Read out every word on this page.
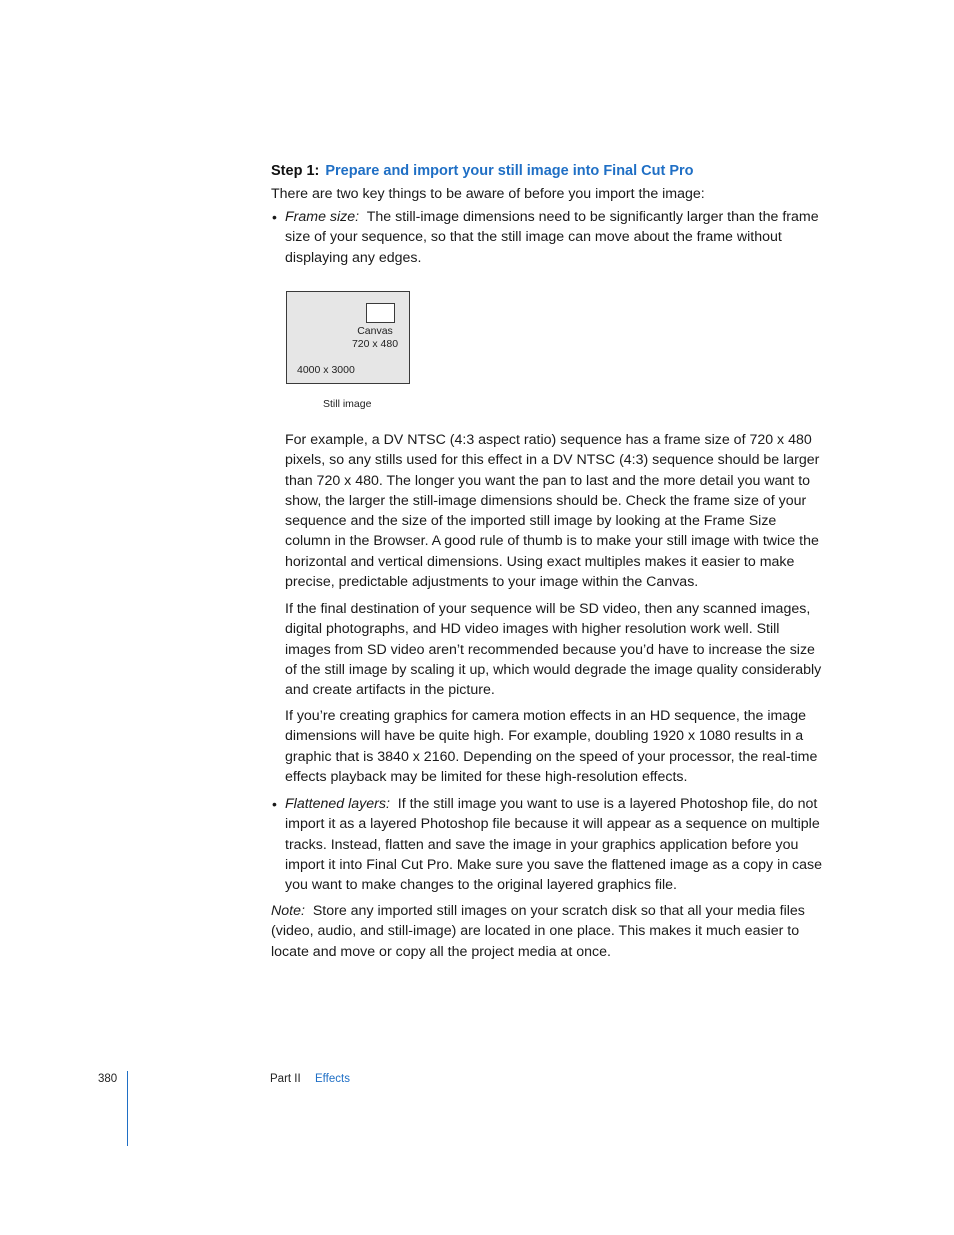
Step 1: Prepare and import your still image into Final Cut Pro

There are two key things to be aware of before you import the image:

• Frame size: The still-image dimensions need to be significantly larger than the frame size of your sequence, so that the still image can move about the frame without displaying any edges.

Canvas
720 x 480
4000 x 3000
Still image

For example, a DV NTSC (4:3 aspect ratio) sequence has a frame size of 720 x 480 pixels, so any stills used for this effect in a DV NTSC (4:3) sequence should be larger than 720 x 480. The longer you want the pan to last and the more detail you want to show, the larger the still-image dimensions should be. Check the frame size of your sequence and the size of the imported still image by looking at the Frame Size column in the Browser. A good rule of thumb is to make your still image with twice the horizontal and vertical dimensions. Using exact multiples makes it easier to make precise, predictable adjustments to your image within the Canvas.

If the final destination of your sequence will be SD video, then any scanned images, digital photographs, and HD video images with higher resolution work well. Still images from SD video aren’t recommended because you’d have to increase the size of the still image by scaling it up, which would degrade the image quality considerably and create artifacts in the picture.

If you’re creating graphics for camera motion effects in an HD sequence, the image dimensions will have be quite high. For example, doubling 1920 x 1080 results in a graphic that is 3840 x 2160. Depending on the speed of your processor, the real-time effects playback may be limited for these high-resolution effects.

• Flattened layers: If the still image you want to use is a layered Photoshop file, do not import it as a layered Photoshop file because it will appear as a sequence on multiple tracks. Instead, flatten and save the image in your graphics application before you import it into Final Cut Pro. Make sure you save the flattened image as a copy in case you want to make changes to the original layered graphics file.

Note: Store any imported still images on your scratch disk so that all your media files (video, audio, and still-image) are located in one place. This makes it much easier to locate and move or copy all the project media at once.

380	Part II Effects
